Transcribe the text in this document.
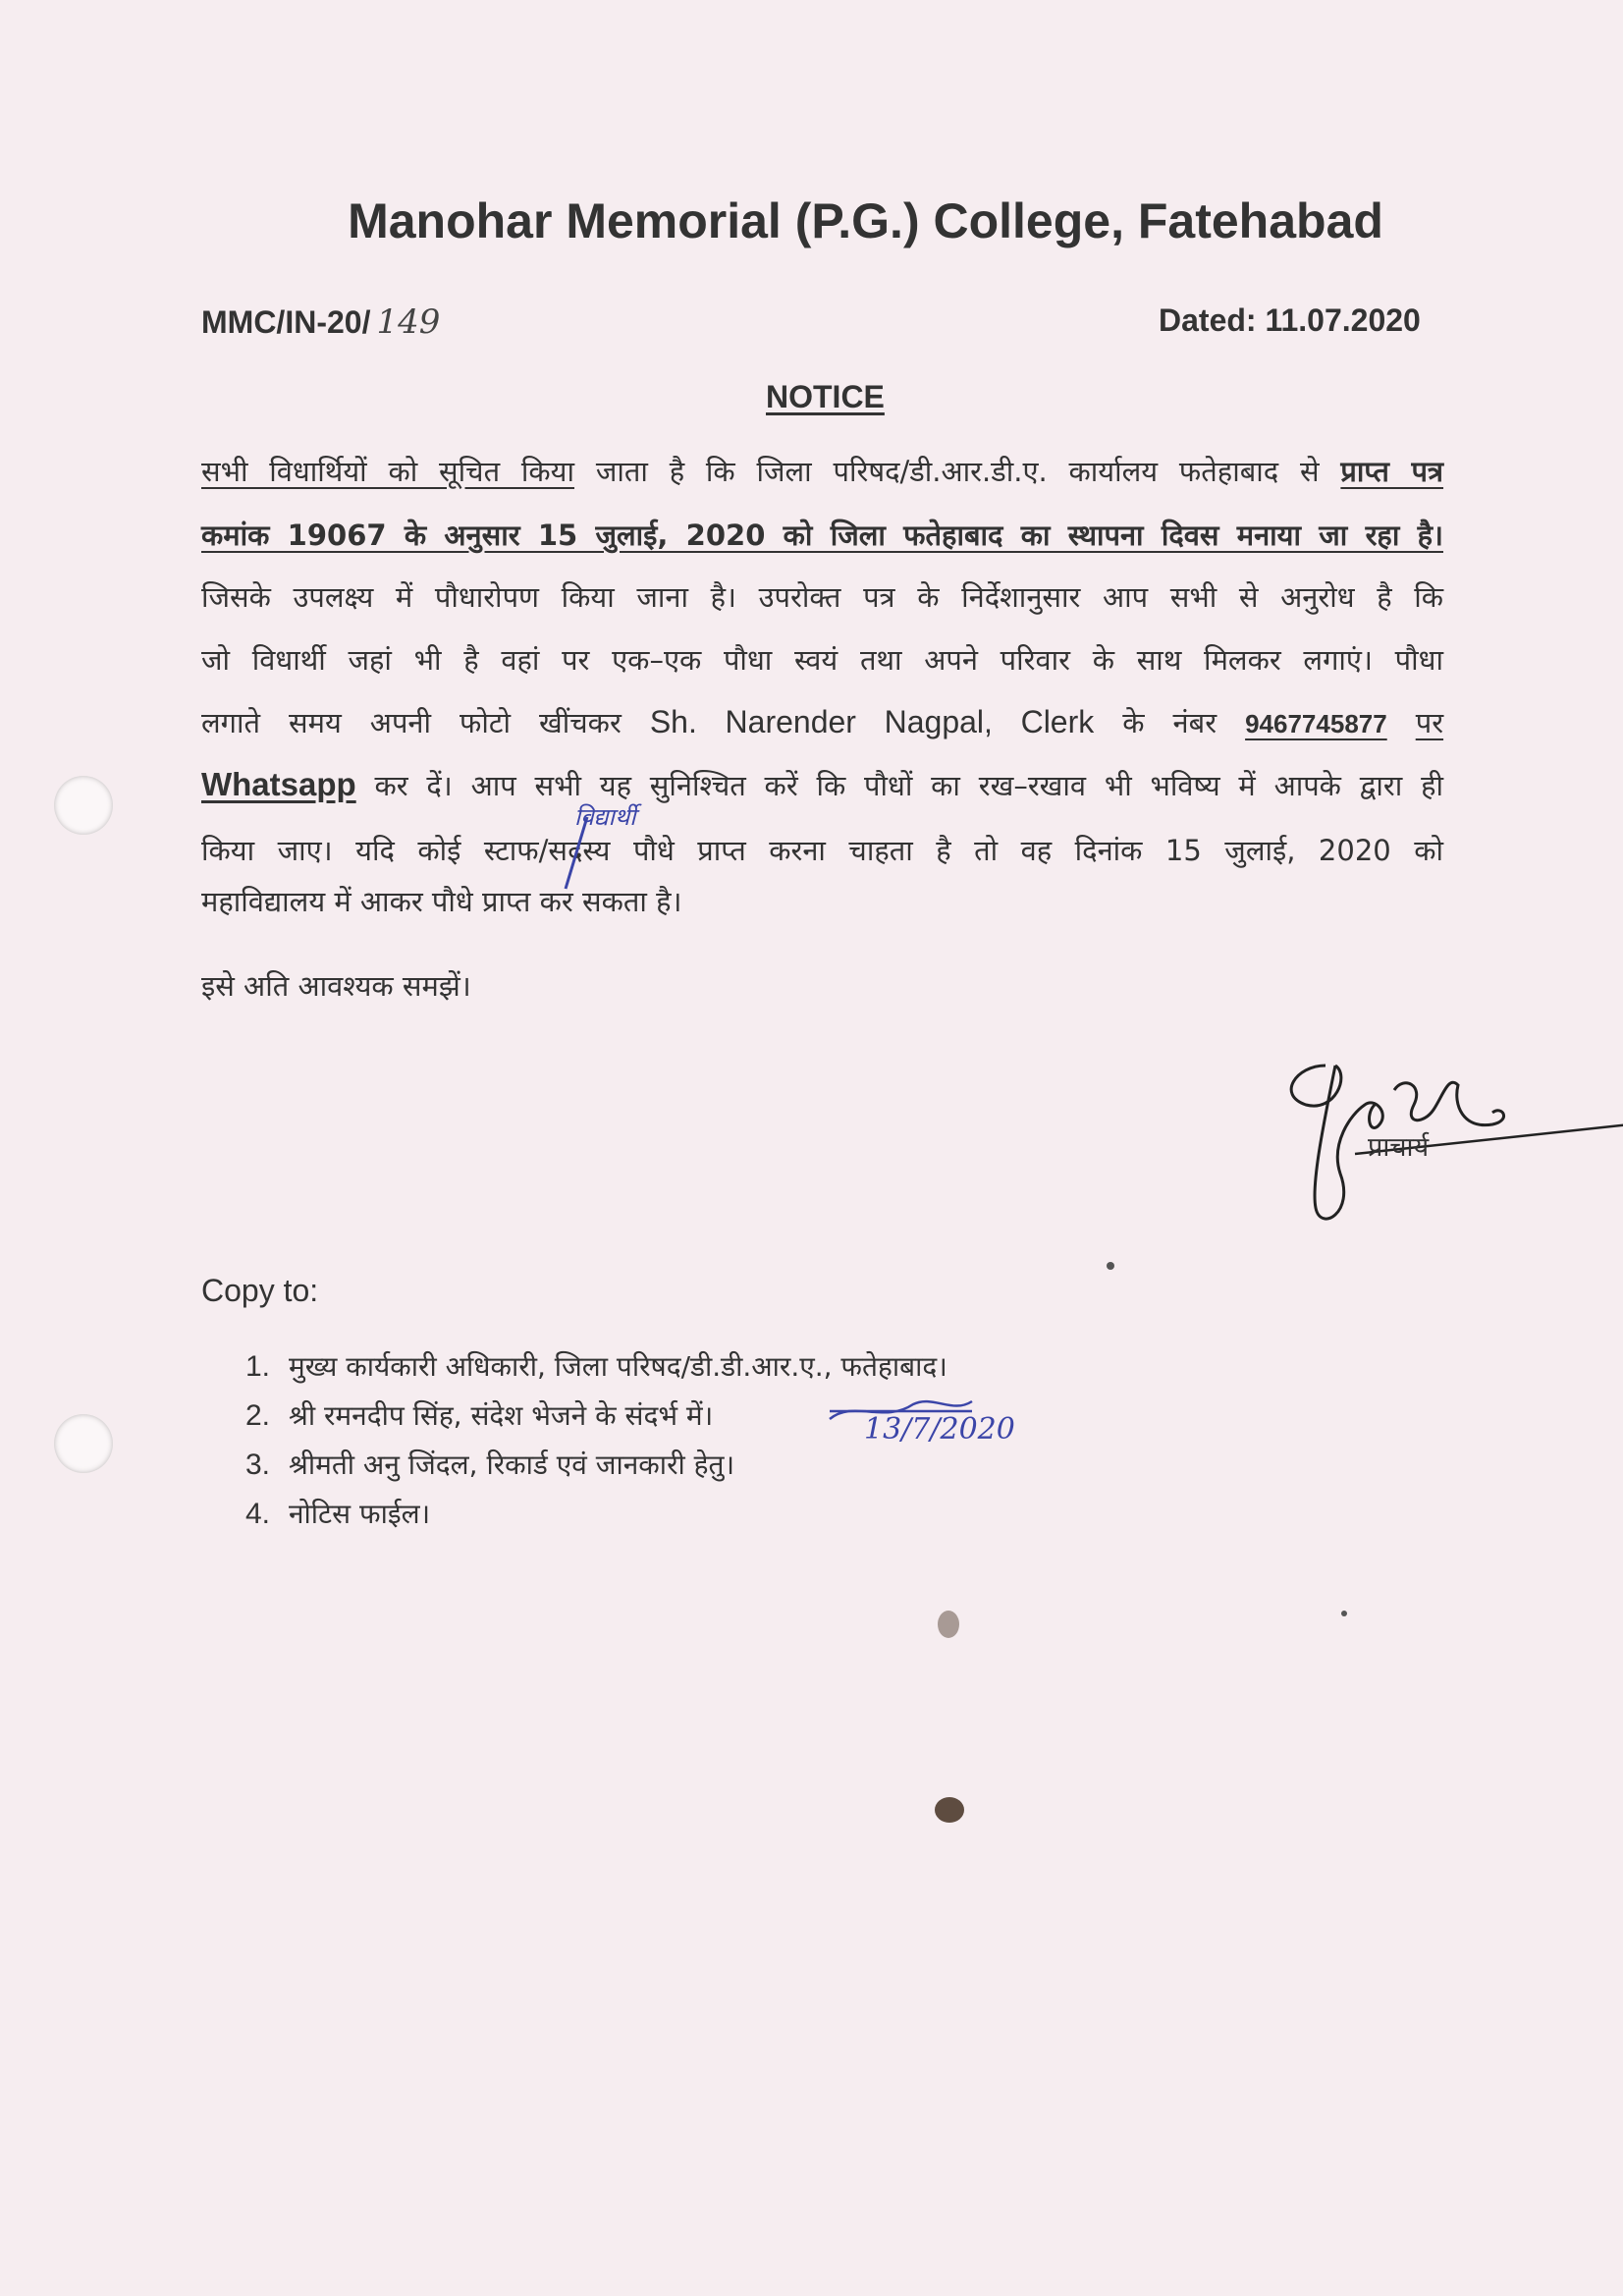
Manohar Memorial (P.G.) College, Fatehabad
MMC/IN-20/ 149	Dated: 11.07.2020
NOTICE
सभी विधार्थियों को सूचित किया जाता है कि जिला परिषद/डी.आर.डी.ए. कार्यालय फतेहाबाद से प्राप्त पत्र
कमांक 19067 के अनुसार 15 जुलाई, 2020 को जिला फतेहाबाद का स्थापना दिवस मनाया जा रहा है।
जिसके उपलक्ष्य में पौधारोपण किया जाना है। उपरोक्त पत्र के निर्देशानुसार आप सभी से अनुरोध है कि
जो विधार्थी जहां भी है वहां पर एक–एक पौधा स्वयं तथा अपने परिवार के साथ मिलकर लगाएं। पौधा
लगाते समय अपनी फोटो खींचकर Sh. Narender Nagpal, Clerk के नंबर 9467745877 पर
Whatsapp कर दें। आप सभी यह सुनिश्चित करें कि पौधों का रख–रखाव भी भविष्य में आपके द्वारा ही
किया जाए। यदि कोई स्टाफ/सदस्य पौधे प्राप्त करना चाहता है तो वह दिनांक 15 जुलाई, 2020 को
महाविद्यालय में आकर पौधे प्राप्त कर सकता है।
विद्यार्थी
इसे अति आवश्यक समझें।
प्राचार्य
Copy to:
1. मुख्य कार्यकारी अधिकारी, जिला परिषद/डी.डी.आर.ए., फतेहाबाद।
2. श्री रमनदीप सिंह, संदेश भेजने के संदर्भ में।
3. श्रीमती अनु जिंदल, रिकार्ड एवं जानकारी हेतु।
4. नोटिस फाईल।
13/7/2020
